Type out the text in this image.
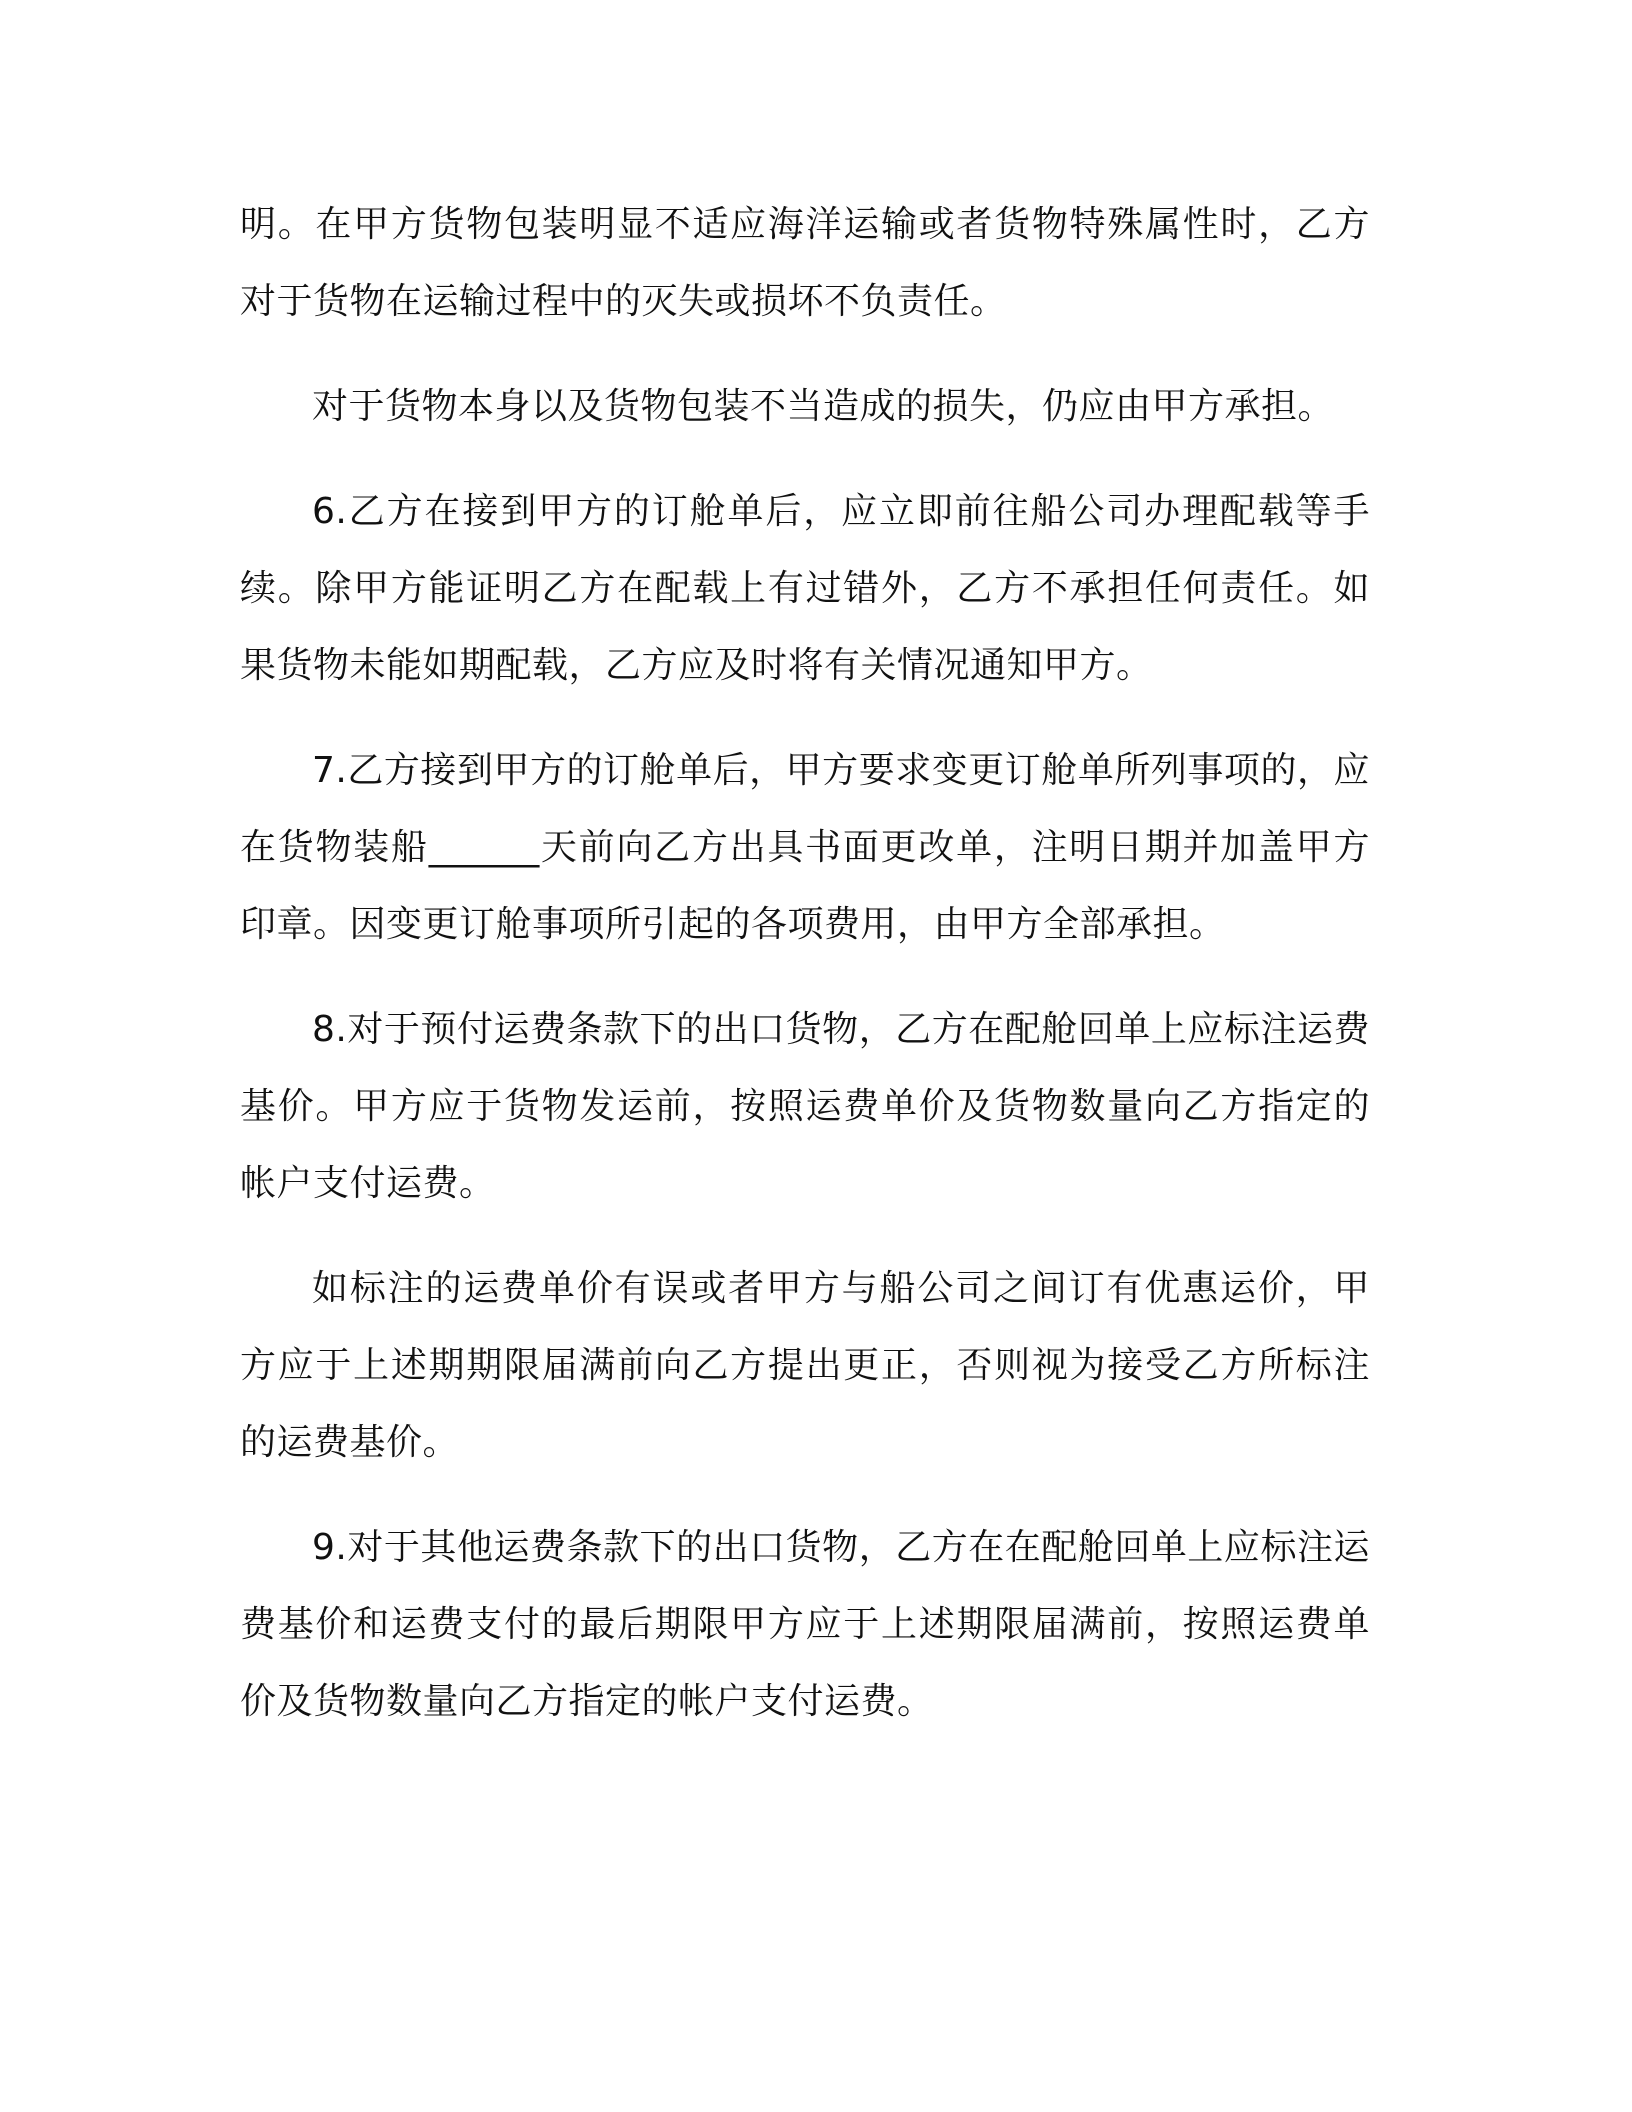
明。在甲方货物包装明显不适应海洋运输或者货物特殊属性时，乙方对于货物在运输过程中的灭失或损坏不负责任。

对于货物本身以及货物包装不当造成的损失，仍应由甲方承担。

6.乙方在接到甲方的订舱单后，应立即前往船公司办理配载等手续。除甲方能证明乙方在配载上有过错外，乙方不承担任何责任。如果货物未能如期配载，乙方应及时将有关情况通知甲方。

7.乙方接到甲方的订舱单后，甲方要求变更订舱单所列事项的，应在货物装船______天前向乙方出具书面更改单，注明日期并加盖甲方印章。因变更订舱事项所引起的各项费用，由甲方全部承担。

8.对于预付运费条款下的出口货物，乙方在配舱回单上应标注运费基价。甲方应于货物发运前，按照运费单价及货物数量向乙方指定的帐户支付运费。

如标注的运费单价有误或者甲方与船公司之间订有优惠运价，甲方应于上述期期限届满前向乙方提出更正，否则视为接受乙方所标注的运费基价。

9.对于其他运费条款下的出口货物，乙方在在配舱回单上应标注运费基价和运费支付的最后期限甲方应于上述期限届满前，按照运费单价及货物数量向乙方指定的帐户支付运费。
